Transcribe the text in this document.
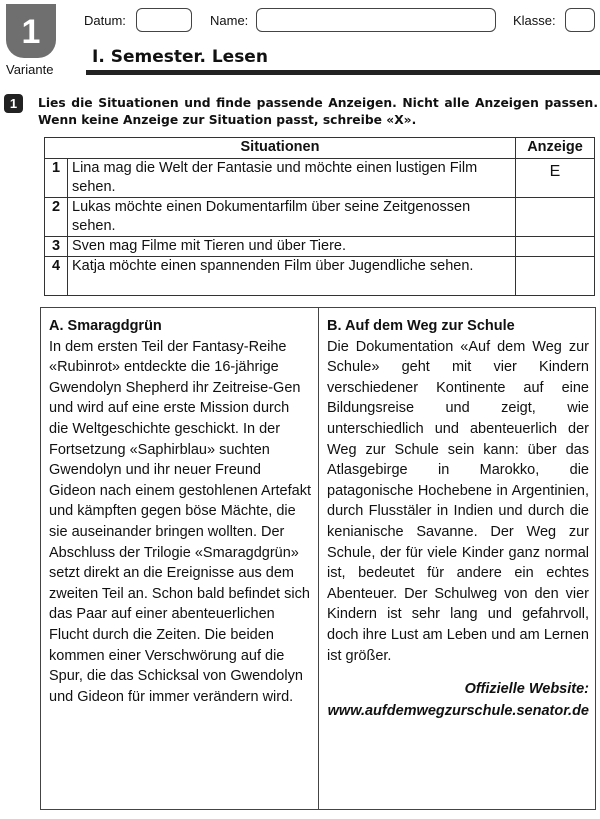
1
Variante
Datum:	Name:	Klasse:
I. Semester. Lesen
1	Lies die Situationen und finde passende Anzeigen. Nicht alle Anzeigen passen. Wenn keine Anzeige zur Situation passt, schreibe «X».
Situationen		Anzeige
1	Lina mag die Welt der Fantasie und möchte einen lustigen Film sehen.	E
2	Lukas möchte einen Dokumentarfilm über seine Zeitgenossen sehen.	
3	Sven mag Filme mit Tieren und über Tiere.	
4	Katja möchte einen spannenden Film über Jugendliche sehen.	
A. Smaragdgrün

In dem ersten Teil der Fantasy-Reihe «Rubinrot» entdeckte die 16-jährige Gwendolyn Shepherd ihr Zeitreise-Gen und wird auf eine erste Mission durch die Weltgeschichte geschickt. In der Fortsetzung «Saphirblau» suchten Gwendolyn und ihr neuer Freund Gideon nach einem gestohlenen Artefakt und kämpften gegen böse Mächte, die sie auseinander bringen wollten. Der Abschluss der Trilogie «Smaragdgrün» setzt direkt an die Ereignisse aus dem zweiten Teil an. Schon bald befindet sich das Paar auf einer abenteuerlichen Flucht durch die Zeiten. Die beiden kommen einer Verschwörung auf die Spur, die das Schicksal von Gwendolyn und Gideon für immer verändern wird.

B. Auf dem Weg zur Schule

Die Dokumentation «Auf dem Weg zur Schule» geht mit vier Kindern verschiedener Kontinente auf eine Bildungsreise und zeigt, wie unterschiedlich und abenteuerlich der Weg zur Schule sein kann: über das Atlasgebirge in Marokko, die patagonische Hochebene in Argentinien, durch Flusstäler in Indien und durch die kenianische Savanne. Der Weg zur Schule, der für viele Kinder ganz normal ist, bedeutet für andere ein echtes Abenteuer. Der Schulweg von den vier Kindern ist sehr lang und gefahrvoll, doch ihre Lust am Leben und am Lernen ist größer.

Offizielle Website:
www.aufdemwegzurschule.senator.de
